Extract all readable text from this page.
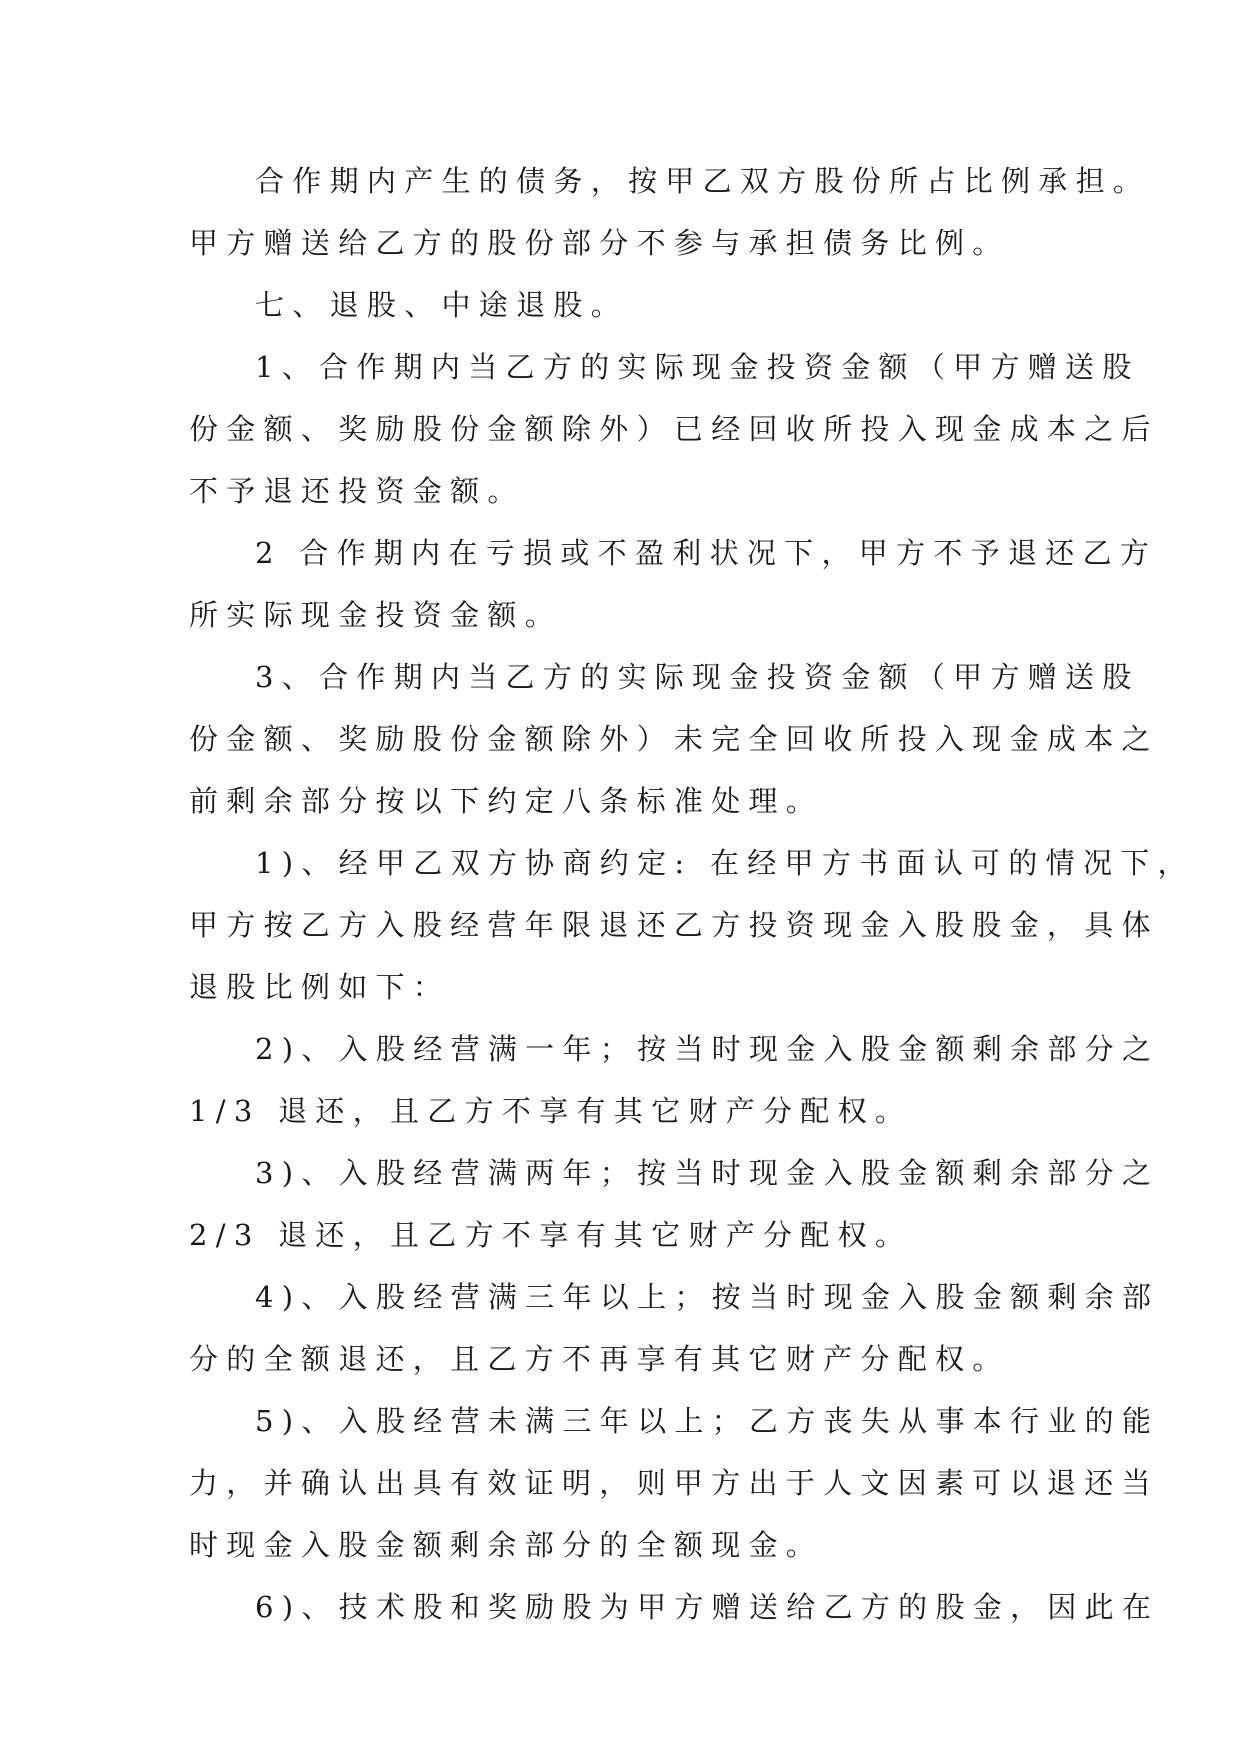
合作期内产生的债务，按甲乙双方股份所占比例承担。
甲方赠送给乙方的股份部分不参与承担债务比例。
七、退股、中途退股。
1、合作期内当乙方的实际现金投资金额（甲方赠送股
份金额、奖励股份金额除外）已经回收所投入现金成本之后
不予退还投资金额。
2 合作期内在亏损或不盈利状况下，甲方不予退还乙方
所实际现金投资金额。
3、合作期内当乙方的实际现金投资金额（甲方赠送股
份金额、奖励股份金额除外）未完全回收所投入现金成本之
前剩余部分按以下约定八条标准处理。
1)、经甲乙双方协商约定: 在经甲方书面认可的情况下，
甲方按乙方入股经营年限退还乙方投资现金入股股金，具体
退股比例如下：
2)、入股经营满一年；按当时现金入股金额剩余部分之
1/3 退还，且乙方不享有其它财产分配权。
3)、入股经营满两年；按当时现金入股金额剩余部分之
2/3 退还，且乙方不享有其它财产分配权。
4)、入股经营满三年以上；按当时现金入股金额剩余部
分的全额退还，且乙方不再享有其它财产分配权。
5)、入股经营未满三年以上；乙方丧失从事本行业的能
力，并确认出具有效证明，则甲方出于人文因素可以退还当
时现金入股金额剩余部分的全额现金。
6)、技术股和奖励股为甲方赠送给乙方的股金，因此在
